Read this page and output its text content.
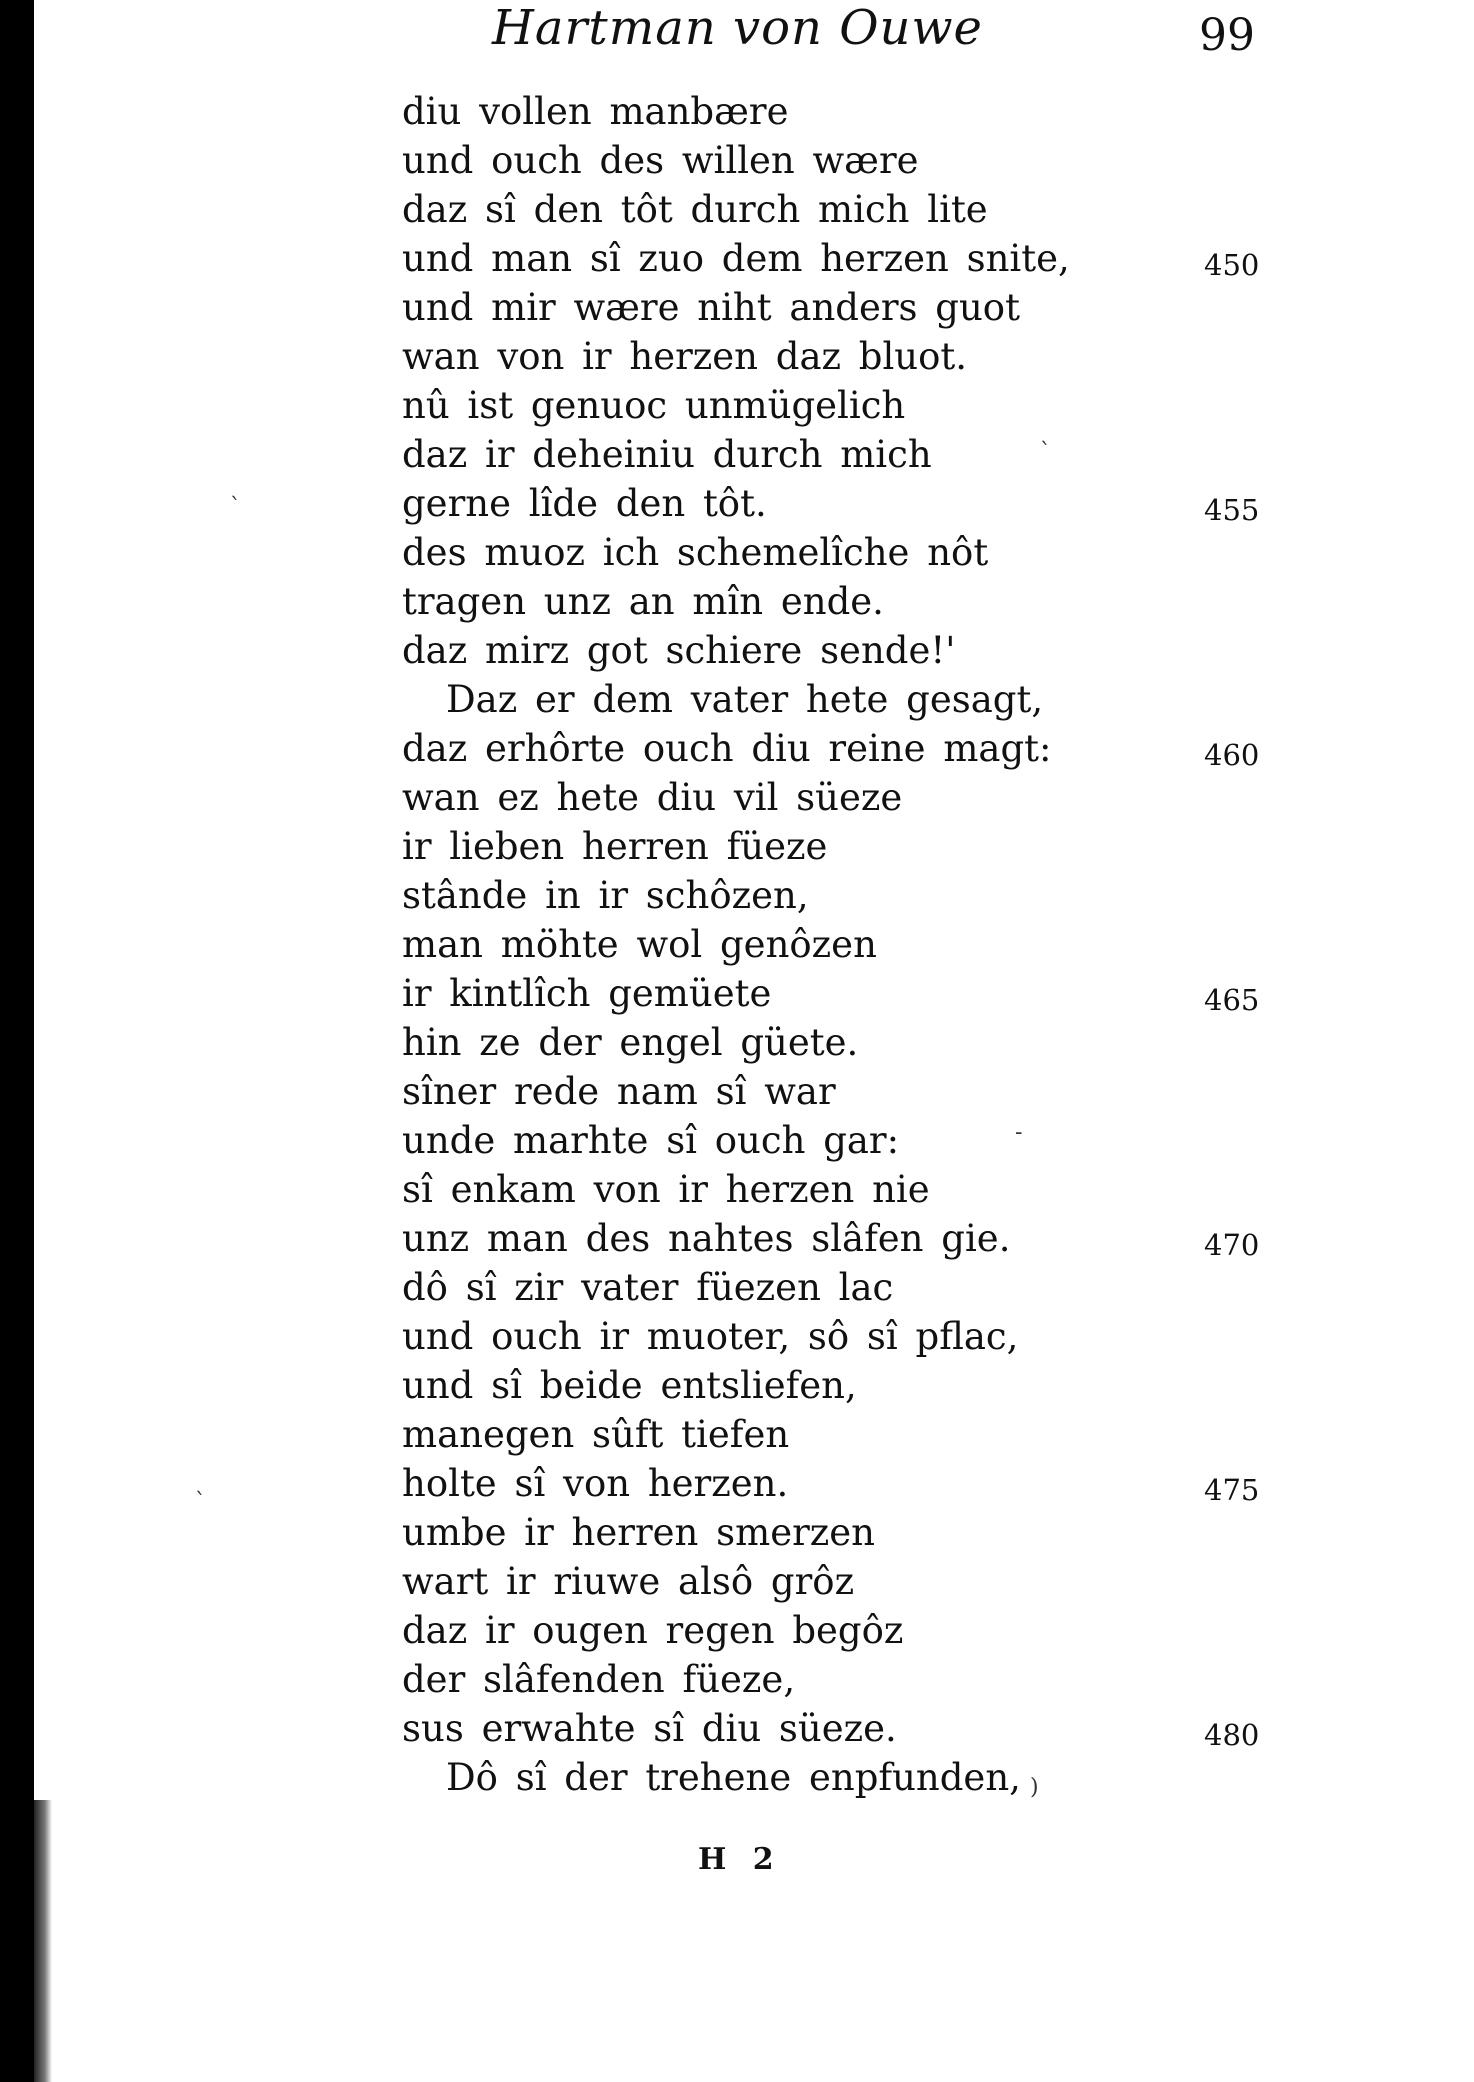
Hartman von Ouwe	99
diu vollen manbære
und ouch des willen wære
daz sî den tôt durch mich lite
und man sî zuo dem herzen snite,
und mir wære niht anders guot
wan von ir herzen daz bluot.
nû ist genuoc unmügelich
daz ir deheiniu durch mich
gerne lîde den tôt.
des muoz ich schemelîche nôt
tragen unz an mîn ende.
daz mirz got schiere sende!'
Daz er dem vater hete gesagt,
daz erhôrte ouch diu reine magt:
wan ez hete diu vil süeze
ir lieben herren füeze
stânde in ir schôzen,
man möhte wol genôzen
ir kintlîch gemüete
hin ze der engel güete.
sîner rede nam sî war
unde marhte sî ouch gar:
sî enkam von ir herzen nie
unz man des nahtes slâfen gie.
dô sî zir vater füezen lac
und ouch ir muoter, sô sî pflac,
und sî beide entsliefen,
manegen sûft tiefen
holte sî von herzen.
umbe ir herren smerzen
wart ir riuwe alsô grôz
daz ir ougen regen begôz
der slâfenden füeze,
sus erwahte sî diu süeze.
Dô sî der trehene enpfunden,
450
455
460
465
470
475
480
H 2
`
`
-
`
)
